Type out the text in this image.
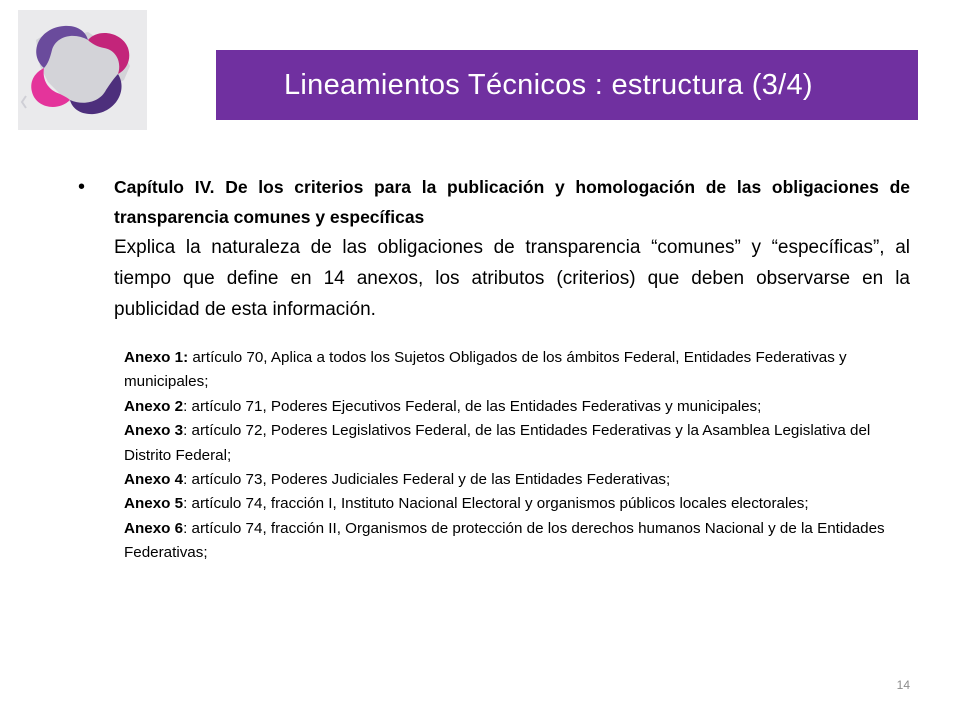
Lineamientos Técnicos : estructura (3/4)
• Capítulo IV. De los criterios para la publicación y homologación de las obligaciones de transparencia comunes y específicas
Explica la naturaleza de las obligaciones de transparencia “comunes” y “específicas”, al tiempo que define en 14 anexos, los atributos (criterios) que deben observarse en la publicidad de esta información.
Anexo 1: artículo 70, Aplica a todos los Sujetos Obligados de los ámbitos Federal, Entidades Federativas y municipales;
Anexo 2: artículo 71, Poderes Ejecutivos Federal, de las Entidades Federativas y municipales;
Anexo 3: artículo 72, Poderes Legislativos Federal, de las Entidades Federativas y la Asamblea Legislativa del Distrito Federal;
Anexo 4: artículo 73, Poderes Judiciales Federal y de las Entidades Federativas;
Anexo 5: artículo 74, fracción I, Instituto Nacional Electoral y organismos públicos locales electorales;
Anexo 6: artículo 74, fracción II, Organismos de protección de los derechos humanos Nacional y de la Entidades Federativas;
14
